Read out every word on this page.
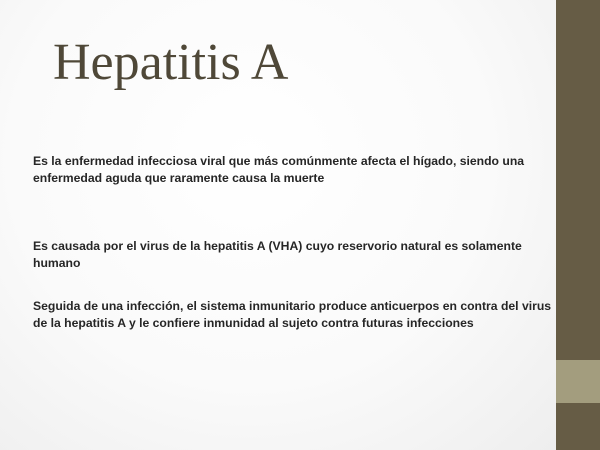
Hepatitis A

Es la enfermedad infecciosa viral que más comúnmente afecta el hígado, siendo una enfermedad aguda que raramente causa la muerte

Es causada por el virus de la hepatitis A (VHA) cuyo reservorio natural es solamente humano

Seguida de una infección, el sistema inmunitario produce anticuerpos en contra del virus de la hepatitis A y le confiere inmunidad al sujeto contra futuras infecciones
